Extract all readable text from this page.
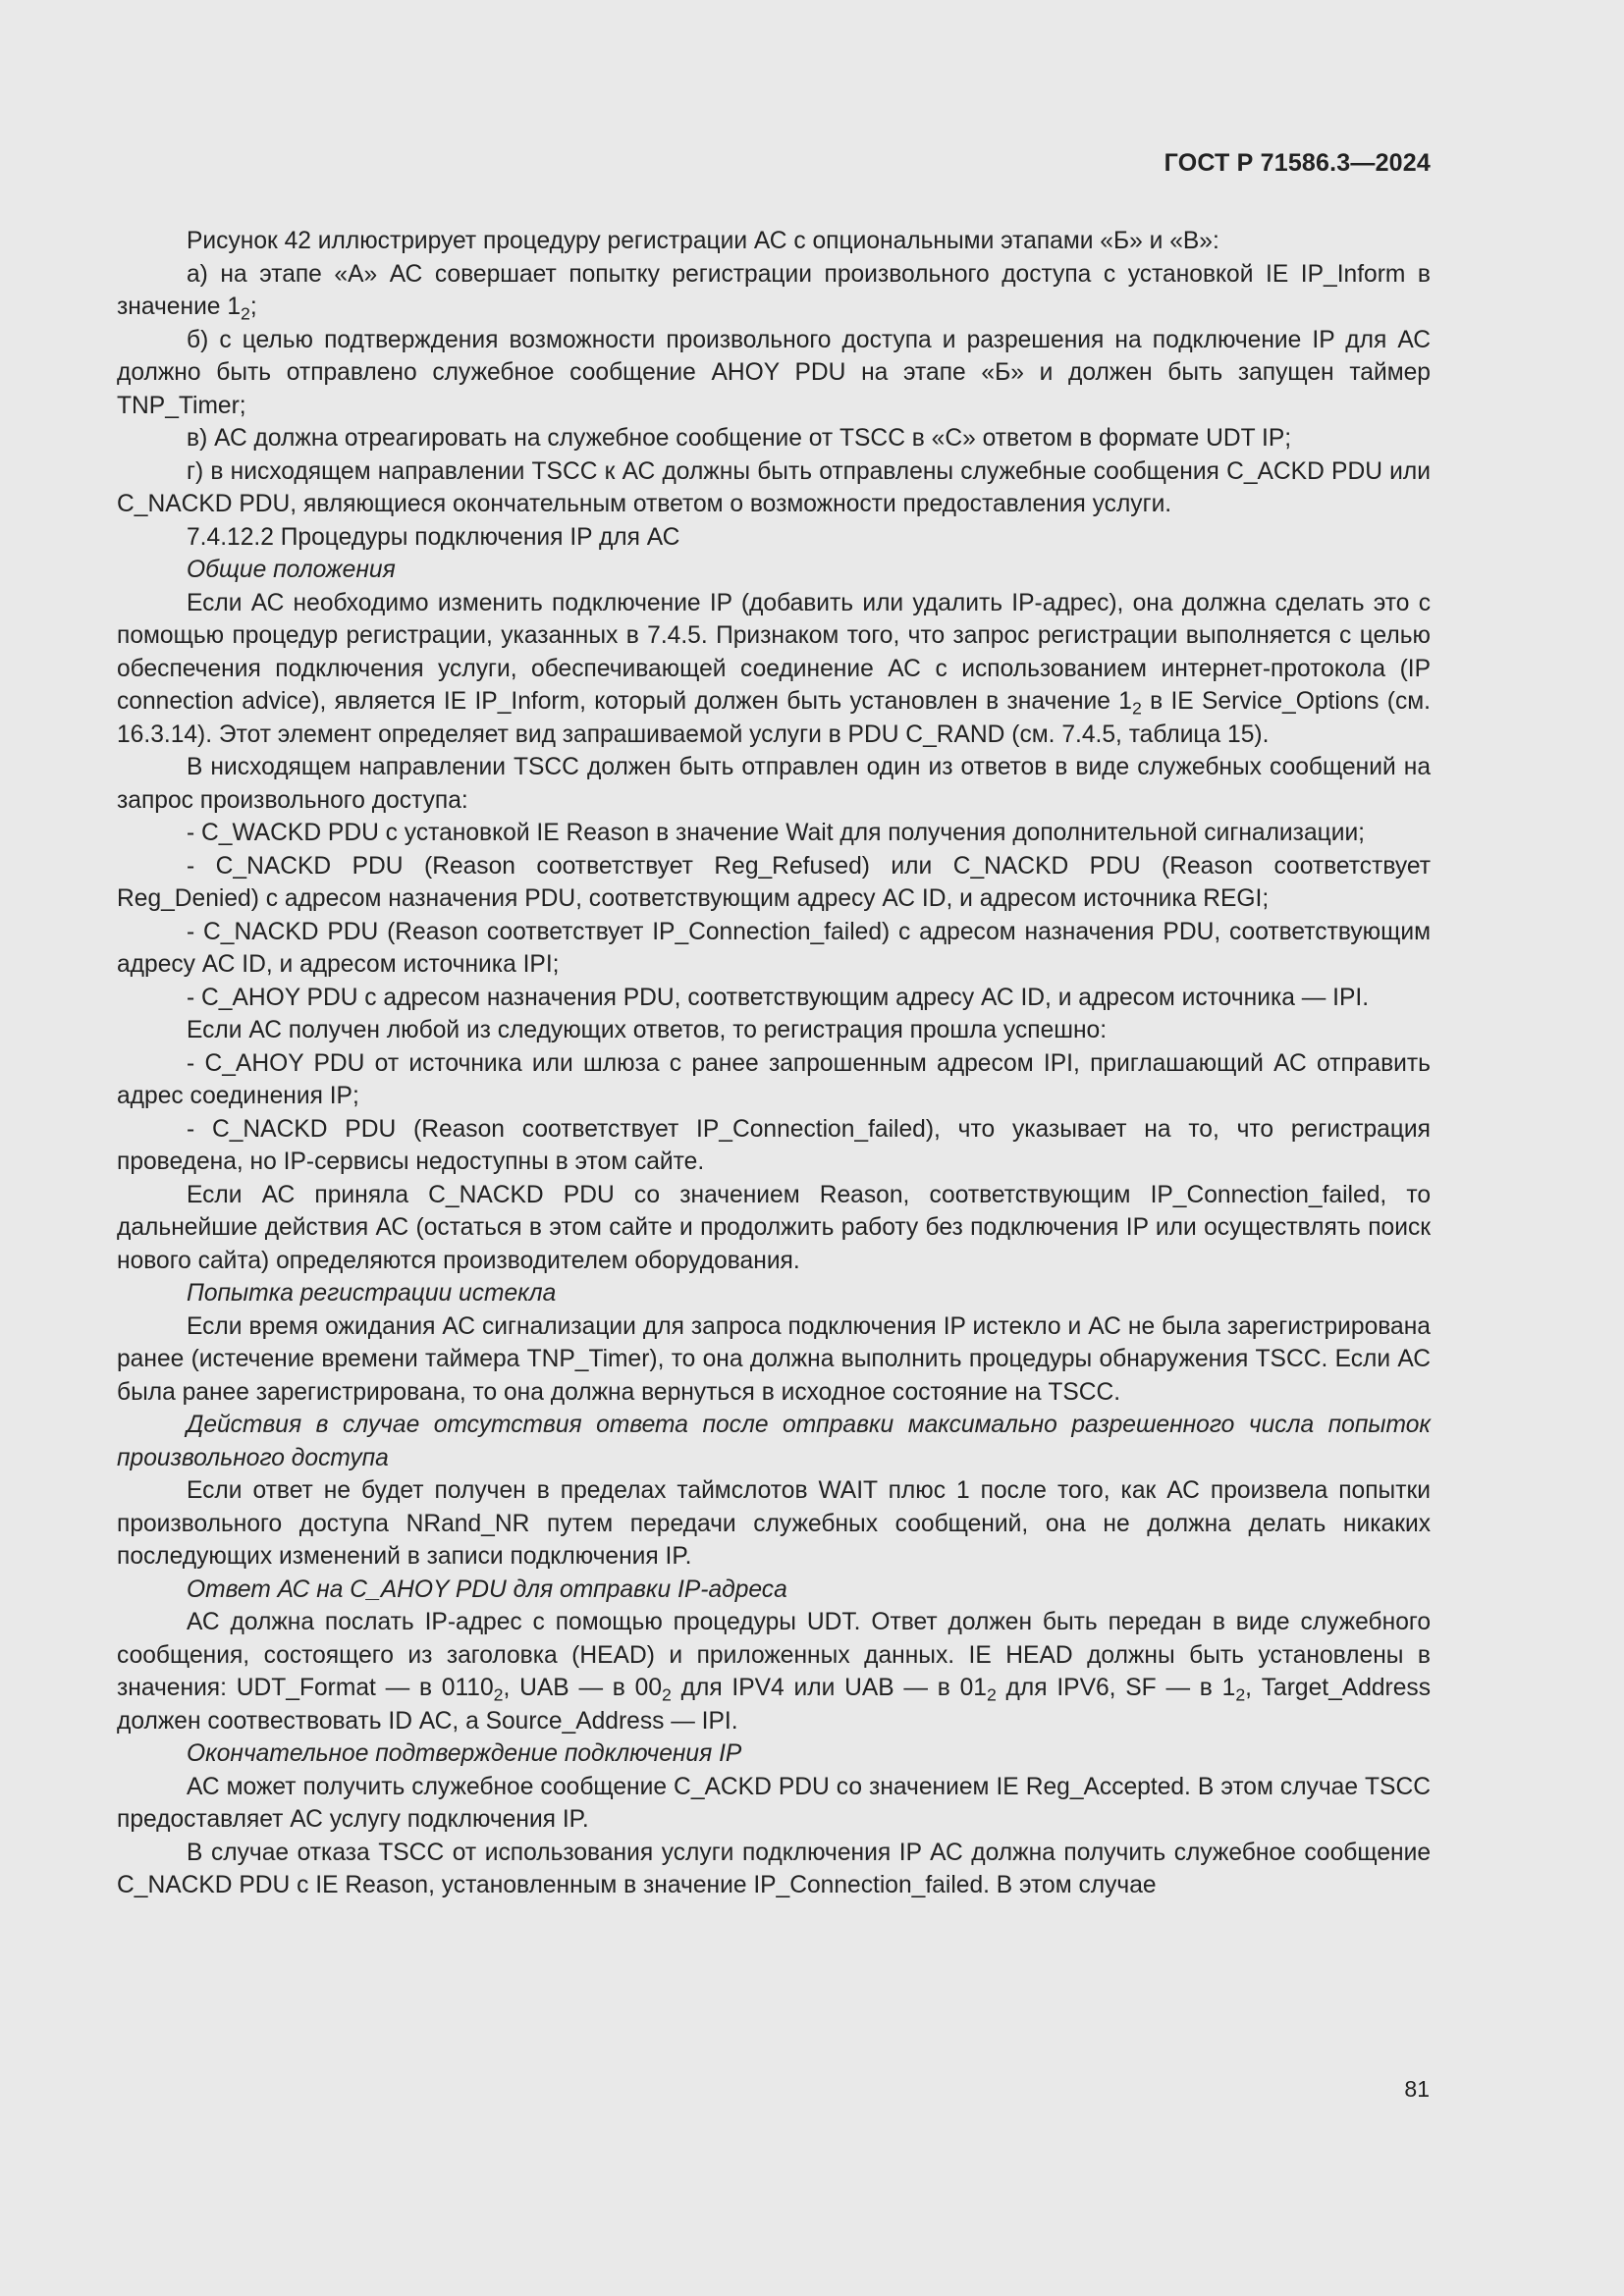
ГОСТ Р 71586.3—2024

Рисунок 42 иллюстрирует процедуру регистрации АС с опциональными этапами «Б» и «В»:

а) на этапе «А» АС совершает попытку регистрации произвольного доступа с установкой IE IP_Inform в значение $1_2$;

б) с целью подтверждения возможности произвольного доступа и разрешения на подключение IP для АС должно быть отправлено служебное сообщение AHOY PDU на этапе «Б» и должен быть запущен таймер TNP_Timer;

в) АС должна отреагировать на служебное сообщение от TSCC в «С» ответом в формате UDT IP;

г) в нисходящем направлении TSCC к АС должны быть отправлены служебные сообщения C_ACKD PDU или C_NACKD PDU, являющиеся окончательным ответом о возможности предоставления услуги.

7.4.12.2 Процедуры подключения IP для АС

Общие положения

Если АС необходимо изменить подключение IP (добавить или удалить IP-адрес), она должна сделать это с помощью процедур регистрации, указанных в 7.4.5. Признаком того, что запрос регистрации выполняется с целью обеспечения подключения услуги, обеспечивающей соединение АС с использованием интернет-протокола (IP connection advice), является IE IP_Inform, который должен быть установлен в значение $1_2$ в IE Service_Options (см. 16.3.14). Этот элемент определяет вид запрашиваемой услуги в PDU C_RAND (см. 7.4.5, таблица 15).

В нисходящем направлении TSCC должен быть отправлен один из ответов в виде служебных сообщений на запрос произвольного доступа:

- C_WACKD PDU с установкой IE Reason в значение Wait для получения дополнительной сигнализации;

- C_NACKD PDU (Reason соответствует Reg_Refused) или C_NACKD PDU (Reason соответствует Reg_Denied) с адресом назначения PDU, соответствующим адресу АС ID, и адресом источника REGI;

- C_NACKD PDU (Reason соответствует IP_Connection_failed) с адресом назначения PDU, соответствующим адресу АС ID, и адресом источника IPI;

- C_AHOY PDU с адресом назначения PDU, соответствующим адресу АС ID, и адресом источника — IPI.

Если АС получен любой из следующих ответов, то регистрация прошла успешно:

- C_AHOY PDU от источника или шлюза с ранее запрошенным адресом IPI, приглашающий АС отправить адрес соединения IP;

- C_NACKD PDU (Reason соответствует IP_Connection_failed), что указывает на то, что регистрация проведена, но IP-сервисы недоступны в этом сайте.

Если АС приняла C_NACKD PDU со значением Reason, соответствующим IP_Connection_failed, то дальнейшие действия АС (остаться в этом сайте и продолжить работу без подключения IP или осуществлять поиск нового сайта) определяются производителем оборудования.

Попытка регистрации истекла

Если время ожидания АС сигнализации для запроса подключения IP истекло и АС не была зарегистрирована ранее (истечение времени таймера TNP_Timer), то она должна выполнить процедуры обнаружения TSCC. Если АС была ранее зарегистрирована, то она должна вернуться в исходное состояние на TSCC.

Действия в случае отсутствия ответа после отправки максимально разрешенного числа попыток произвольного доступа

Если ответ не будет получен в пределах таймслотов WAIT плюс 1 после того, как АС произвела попытки произвольного доступа NRand_NR путем передачи служебных сообщений, она не должна делать никаких последующих изменений в записи подключения IP.

Ответ АС на C_AHOY PDU для отправки IP-адреса

АС должна послать IP-адрес с помощью процедуры UDT. Ответ должен быть передан в виде служебного сообщения, состоящего из заголовка (HEAD) и приложенных данных. IE HEAD должны быть установлены в значения: UDT_Format — в $0110_2$, UAB — в $00_2$ для IPV4 или UAB — в $01_2$ для IPV6, SF — в $1_2$, Target_Address должен соотвествовать ID АС, а Source_Address — IPI.

Окончательное подтверждение подключения IP

АС может получить служебное сообщение C_ACKD PDU со значением IE Reg_Accepted. В этом случае TSCC предоставляет АС услугу подключения IP.

В случае отказа TSCC от использования услуги подключения IP АС должна получить служебное сообщение C_NACKD PDU с IE Reason, установленным в значение IP_Connection_failed. В этом случае

81
